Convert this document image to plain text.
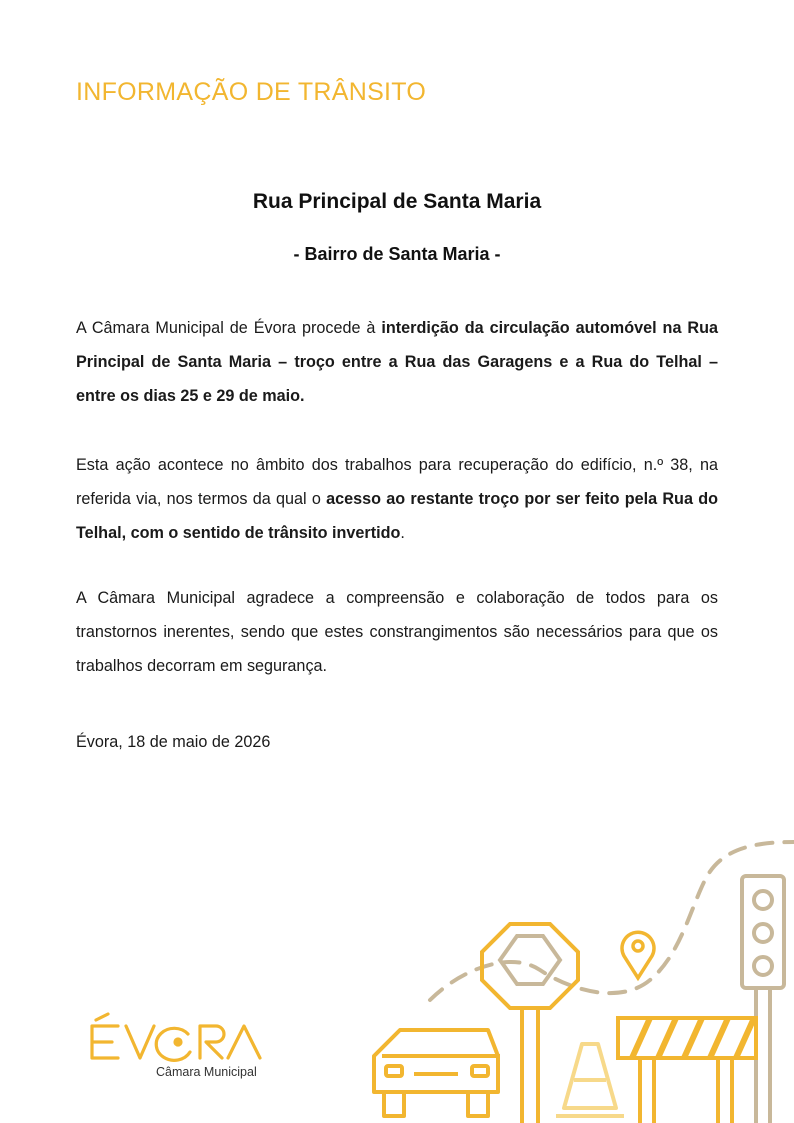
INFORMAÇÃO DE TRÂNSITO
Rua Principal de Santa Maria
- Bairro de Santa Maria -

A Câmara Municipal de Évora procede à interdição da circulação automóvel na Rua Principal de Santa Maria – troço entre a Rua das Garagens e a Rua do Telhal – entre os dias 25 e 29 de maio.

Esta ação acontece no âmbito dos trabalhos para recuperação do edifício, n.º 38, na referida via, nos termos da qual o acesso ao restante troço por ser feito pela Rua do Telhal, com o sentido de trânsito invertido.

A Câmara Municipal agradece a compreensão e colaboração de todos para os transtornos inerentes, sendo que estes constrangimentos são necessários para que os trabalhos decorram em segurança.

Évora, 18 de maio de 2026
Câmara Municipal
